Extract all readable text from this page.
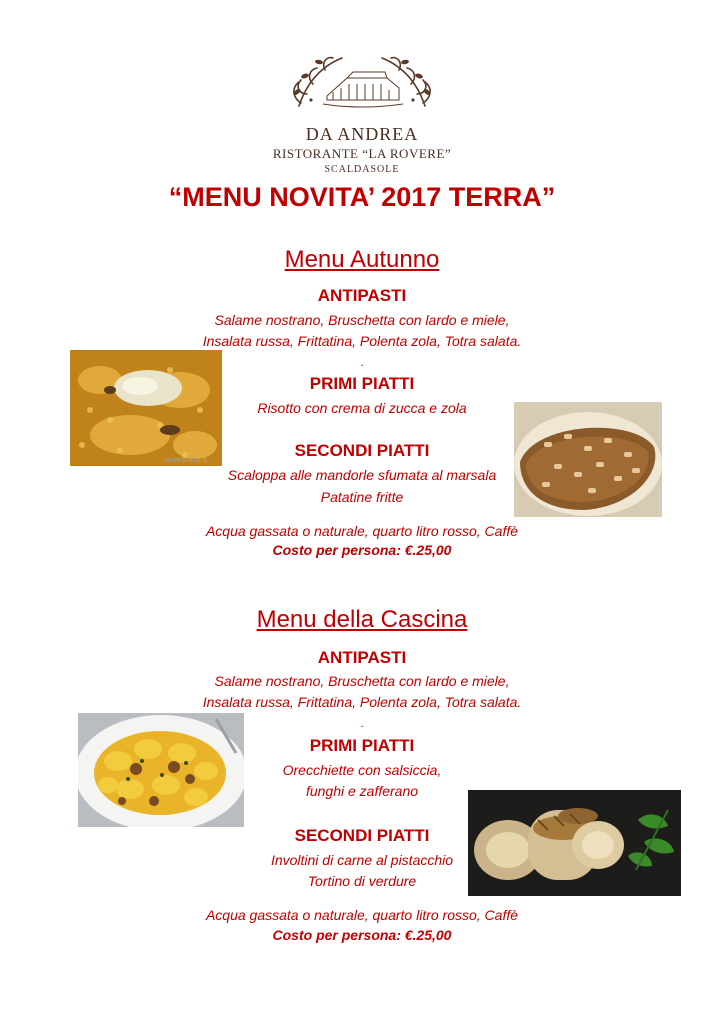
DA ANDREA
RISTORANTE “LA ROVERE”
SCALDASOLE
“MENU NOVITA’ 2017 TERRA”
Menu Autunno
ANTIPASTI
Salame nostrano, Bruschetta con lardo e miele,
Insalata russa, Frittatina, Polenta zola, Totra salata.
.
PRIMI PIATTI
Risotto con crema di zucca e zola
SECONDI PIATTI
Scaloppa alle mandorle sfumata al marsala
Patatine fritte
Acqua gassata o naturale, quarto litro rosso, Caffè
Costo per persona: €.25,00
ricerisotto.it
Menu della Cascina
ANTIPASTI
Salame nostrano, Bruschetta con lardo e miele,
Insalata russa, Frittatina, Polenta zola, Totra salata.
.
PRIMI PIATTI
Orecchiette con salsiccia,
funghi e zafferano
SECONDI PIATTI
Involtini di carne al pistacchio
Tortino di verdure
Acqua gassata o naturale, quarto litro rosso, Caffè
Costo per persona: €.25,00
